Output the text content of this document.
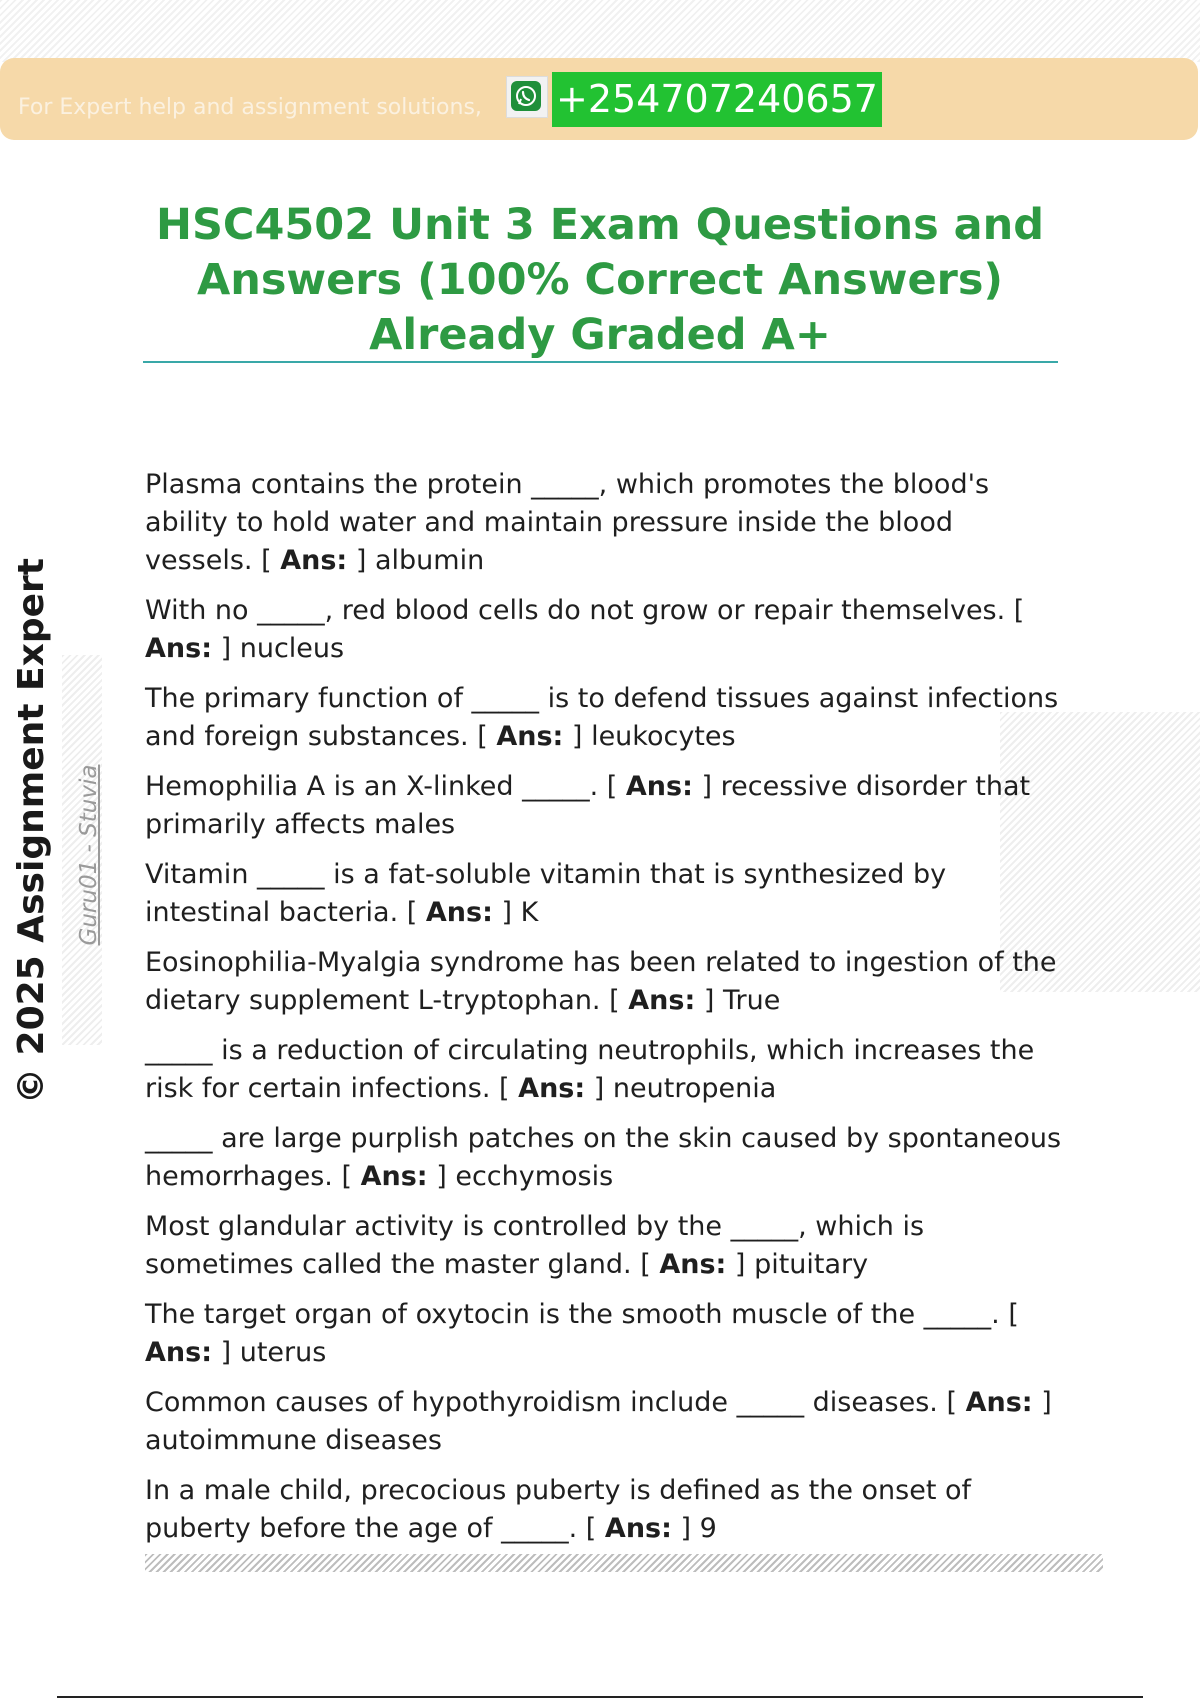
For Expert help and assignment solutions, +254707240657
HSC4502 Unit 3 Exam Questions and Answers (100% Correct Answers) Already Graded A+
© 2025 Assignment Expert Guru01 - Stuvia
Plasma contains the protein _____, which promotes the blood's ability to hold water and maintain pressure inside the blood vessels. [ Ans: ] albumin
With no _____, red blood cells do not grow or repair themselves. [ Ans: ] nucleus
The primary function of _____ is to defend tissues against infections and foreign substances. [ Ans: ] leukocytes
Hemophilia A is an X-linked _____. [ Ans: ] recessive disorder that primarily affects males
Vitamin _____ is a fat-soluble vitamin that is synthesized by intestinal bacteria. [ Ans: ] K
Eosinophilia-Myalgia syndrome has been related to ingestion of the dietary supplement L-tryptophan. [ Ans: ] True
_____ is a reduction of circulating neutrophils, which increases the risk for certain infections. [ Ans: ] neutropenia
_____ are large purplish patches on the skin caused by spontaneous hemorrhages. [ Ans: ] ecchymosis
Most glandular activity is controlled by the _____, which is sometimes called the master gland. [ Ans: ] pituitary
The target organ of oxytocin is the smooth muscle of the _____. [ Ans: ] uterus
Common causes of hypothyroidism include _____ diseases. [ Ans: ] autoimmune diseases
In a male child, precocious puberty is defined as the onset of puberty before the age of _____. [ Ans: ] 9
